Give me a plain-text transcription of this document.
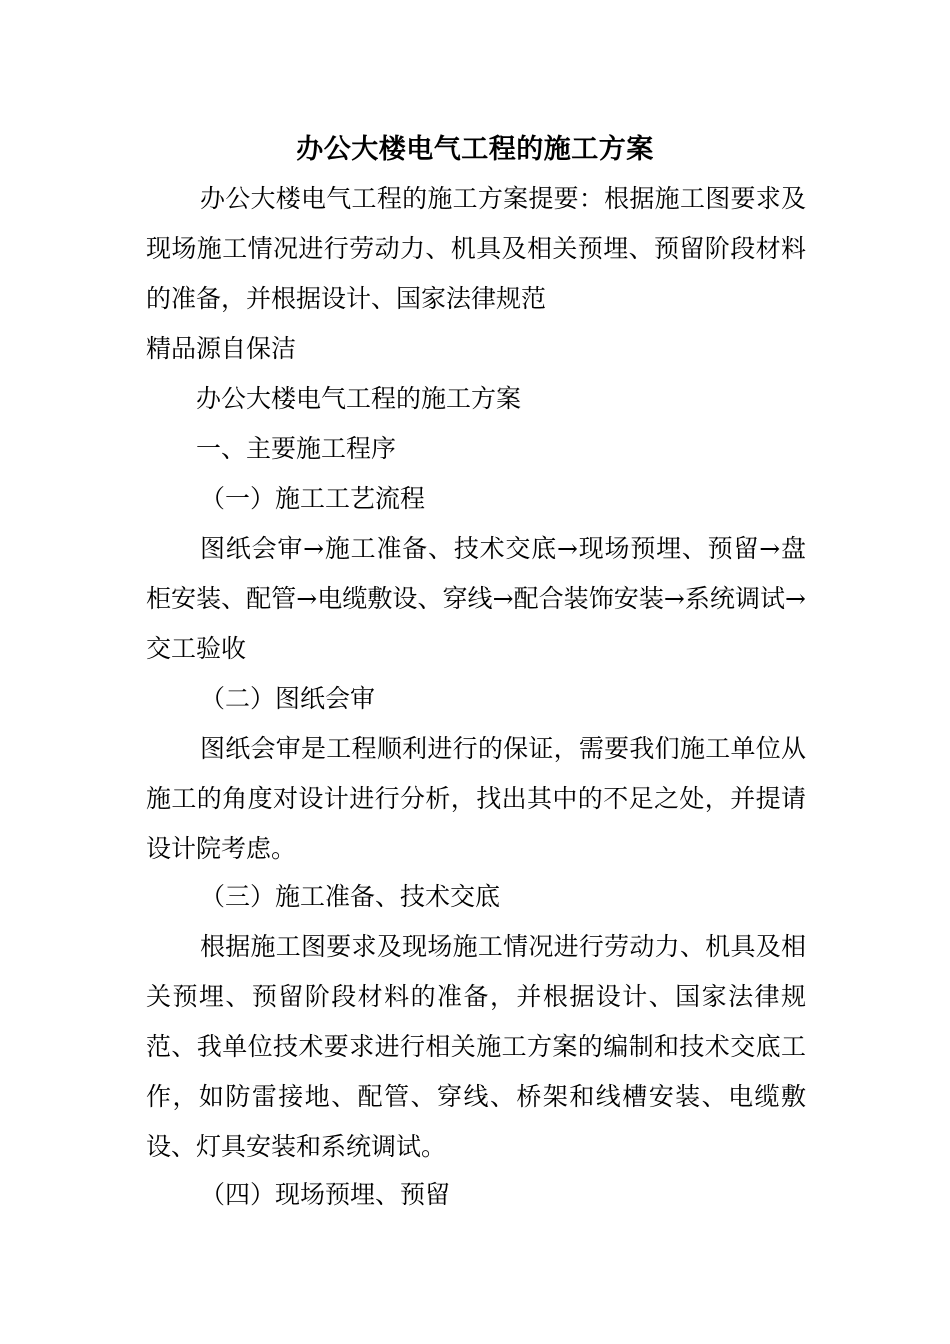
办公大楼电气工程的施工方案

办公大楼电气工程的施工方案提要：根据施工图要求及现场施工情况进行劳动力、机具及相关预埋、预留阶段材料的准备，并根据设计、国家法律规范

精品源自保洁
办公大楼电气工程的施工方案
一、主要施工程序
（一）施工工艺流程

图纸会审→施工准备、技术交底→现场预埋、预留→盘柜安装、配管→电缆敷设、穿线→配合装饰安装→系统调试→交工验收

（二）图纸会审

图纸会审是工程顺利进行的保证，需要我们施工单位从施工的角度对设计进行分析，找出其中的不足之处，并提请设计院考虑。

（三）施工准备、技术交底

根据施工图要求及现场施工情况进行劳动力、机具及相关预埋、预留阶段材料的准备，并根据设计、国家法律规范、我单位技术要求进行相关施工方案的编制和技术交底工作，如防雷接地、配管、穿线、桥架和线槽安装、电缆敷设、灯具安装和系统调试。

（四）现场预埋、预留
